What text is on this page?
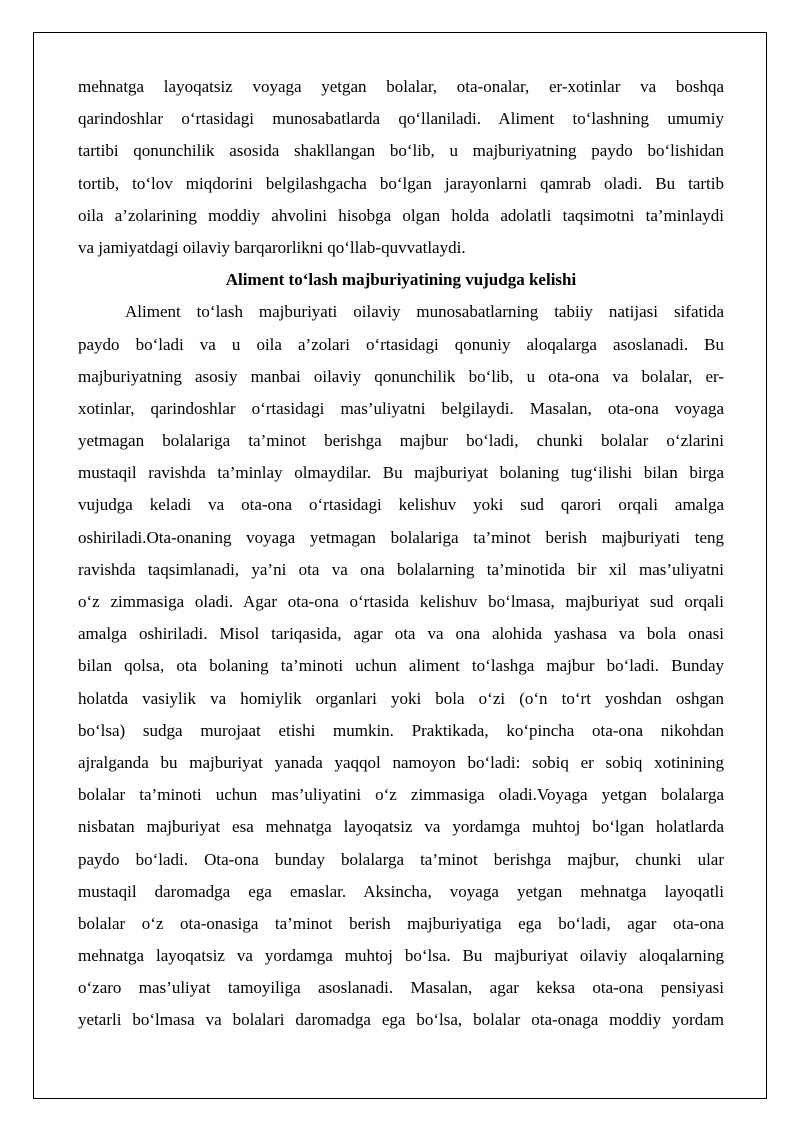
mehnatga layoqatsiz voyaga yetgan bolalar, ota-onalar, er-xotinlar va boshqa
qarindoshlar o‘rtasidagi munosabatlarda qo‘llaniladi. Aliment to‘lashning umumiy
tartibi qonunchilik asosida shakllangan bo‘lib, u majburiyatning paydo bo‘lishidan
tortib, to‘lov miqdorini belgilashgacha bo‘lgan jarayonlarni qamrab oladi. Bu tartib
oila a’zolarining moddiy ahvolini hisobga olgan holda adolatli taqsimotni ta’minlaydi
va jamiyatdagi oilaviy barqarorlikni qo‘llab-quvvatlaydi.
Aliment to‘lash majburiyatining vujudga kelishi
Aliment to‘lash majburiyati oilaviy munosabatlarning tabiiy natijasi sifatida
paydo bo‘ladi va u oila a’zolari o‘rtasidagi qonuniy aloqalarga asoslanadi. Bu
majburiyatning asosiy manbai oilaviy qonunchilik bo‘lib, u ota-ona va bolalar, er-
xotinlar, qarindoshlar o‘rtasidagi mas’uliyatni belgilaydi. Masalan, ota-ona voyaga
yetmagan bolalariga ta’minot berishga majbur bo‘ladi, chunki bolalar o‘zlarini
mustaqil ravishda ta’minlay olmaydilar. Bu majburiyat bolaning tug‘ilishi bilan birga
vujudga keladi va ota-ona o‘rtasidagi kelishuv yoki sud qarori orqali amalga
oshiriladi.Ota-onaning voyaga yetmagan bolalariga ta’minot berish majburiyati teng
ravishda taqsimlanadi, ya’ni ota va ona bolalarning ta’minotida bir xil mas’uliyatni
o‘z zimmasiga oladi. Agar ota-ona o‘rtasida kelishuv bo‘lmasa, majburiyat sud orqali
amalga oshiriladi. Misol tariqasida, agar ota va ona alohida yashasa va bola onasi
bilan qolsa, ota bolaning ta’minoti uchun aliment to‘lashga majbur bo‘ladi. Bunday
holatda vasiylik va homiylik organlari yoki bola o‘zi (o‘n to‘rt yoshdan oshgan
bo‘lsa) sudga murojaat etishi mumkin. Praktikada, ko‘pincha ota-ona nikohdan
ajralganda bu majburiyat yanada yaqqol namoyon bo‘ladi: sobiq er sobiq xotinining
bolalar ta’minoti uchun mas’uliyatini o‘z zimmasiga oladi.Voyaga yetgan bolalarga
nisbatan majburiyat esa mehnatga layoqatsiz va yordamga muhtoj bo‘lgan holatlarda
paydo bo‘ladi. Ota-ona bunday bolalarga ta’minot berishga majbur, chunki ular
mustaqil daromadga ega emaslar. Aksincha, voyaga yetgan mehnatga layoqatli
bolalar o‘z ota-onasiga ta’minot berish majburiyatiga ega bo‘ladi, agar ota-ona
mehnatga layoqatsiz va yordamga muhtoj bo‘lsa. Bu majburiyat oilaviy aloqalarning
o‘zaro mas’uliyat tamoyiliga asoslanadi. Masalan, agar keksa ota-ona pensiyasi
yetarli bo‘lmasa va bolalari daromadga ega bo‘lsa, bolalar ota-onaga moddiy yordam
